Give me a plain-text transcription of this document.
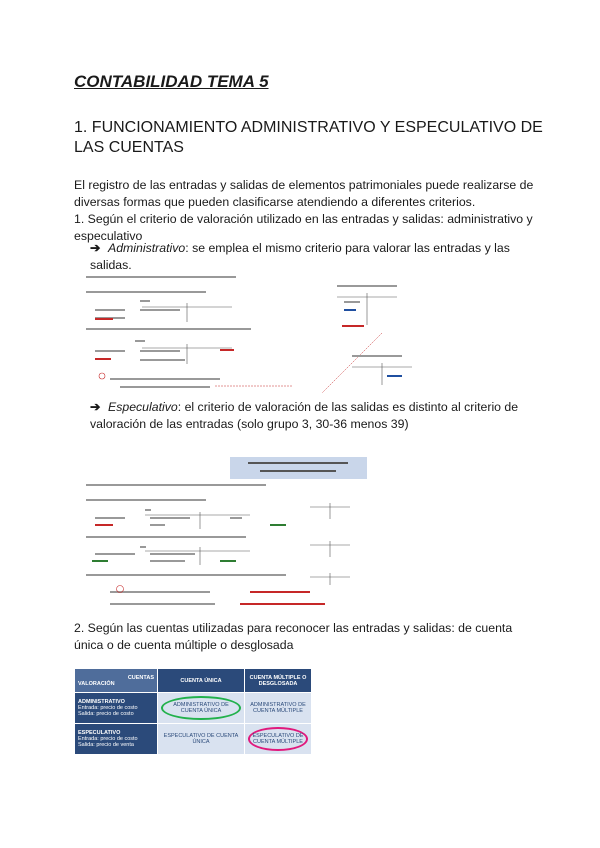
CONTABILIDAD TEMA 5
1. FUNCIONAMIENTO ADMINISTRATIVO Y ESPECULATIVO DE LAS CUENTAS
El registro de las entradas y salidas de elementos patrimoniales puede realizarse de diversas formas que pueden clasificarse atendiendo a diferentes criterios.
1. Según el criterio de valoración utilizado en las entradas y salidas: administrativo y especulativo
➔ Administrativo: se emplea el mismo criterio para valorar las entradas y las salidas.
➔ Especulativo: el criterio de valoración de las salidas es distinto al criterio de valoración de las entradas (solo grupo 3, 30-36 menos 39)
2. Según las cuentas utilizadas para reconocer las entradas y salidas: de cuenta única o de cuenta múltiple o desglosada
CUENTAS
VALORACIÓN	CUENTA ÚNICA	CUENTA MÚLTIPLE O DESGLOSADA

ADMINISTRATIVO
Entrada: precio de costo
Salida: precio de costo	ADMINISTRATIVO DE CUENTA ÚNICA	ADMINISTRATIVO DE CUENTA MÚLTIPLE

ESPECULATIVO
Entrada: precio de costo
Salida: precio de venta	ESPECULATIVO DE CUENTA ÚNICA	ESPECULATIVO DE CUENTA MÚLTIPLE
